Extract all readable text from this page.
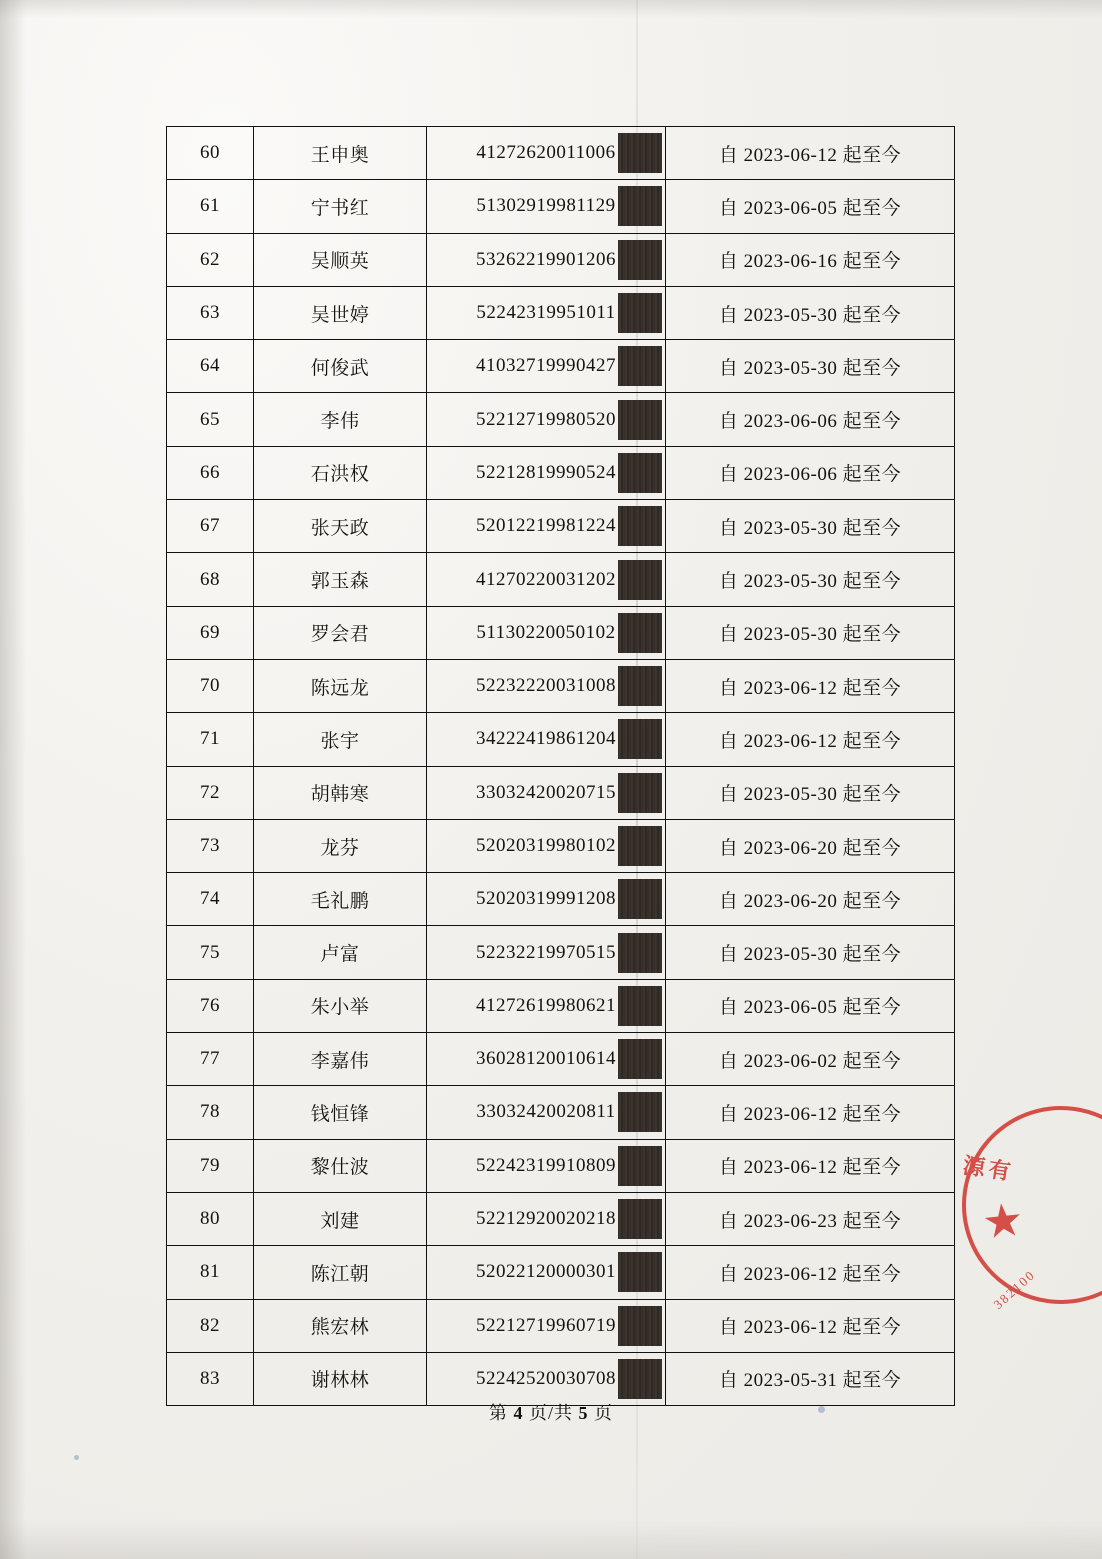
60	王申奥	41272620011006	自 2023-06-12 起至今
61	宁书红	51302919981129	自 2023-06-05 起至今
62	吴顺英	53262219901206	自 2023-06-16 起至今
63	吴世婷	52242319951011	自 2023-05-30 起至今
64	何俊武	41032719990427	自 2023-05-30 起至今
65	李伟	52212719980520	自 2023-06-06 起至今
66	石洪权	52212819990524	自 2023-06-06 起至今
67	张天政	52012219981224	自 2023-05-30 起至今
68	郭玉森	41270220031202	自 2023-05-30 起至今
69	罗会君	51130220050102	自 2023-05-30 起至今
70	陈远龙	52232220031008	自 2023-06-12 起至今
71	张宇	34222419861204	自 2023-06-12 起至今
72	胡韩寒	33032420020715	自 2023-05-30 起至今
73	龙芬	52020319980102	自 2023-06-20 起至今
74	毛礼鹏	52020319991208	自 2023-06-20 起至今
75	卢富	52232219970515	自 2023-05-30 起至今
76	朱小举	41272619980621	自 2023-06-05 起至今
77	李嘉伟	36028120010614	自 2023-06-02 起至今
78	钱恒锋	33032420020811	自 2023-06-12 起至今
79	黎仕波	52242319910809	自 2023-06-12 起至今
80	刘建	52212920020218	自 2023-06-23 起至今
81	陈江朝	52022120000301	自 2023-06-12 起至今
82	熊宏林	52212719960719	自 2023-06-12 起至今
83	谢林林	52242520030708	自 2023-05-31 起至今
第 4 页/共 5 页
源有
★
382100
